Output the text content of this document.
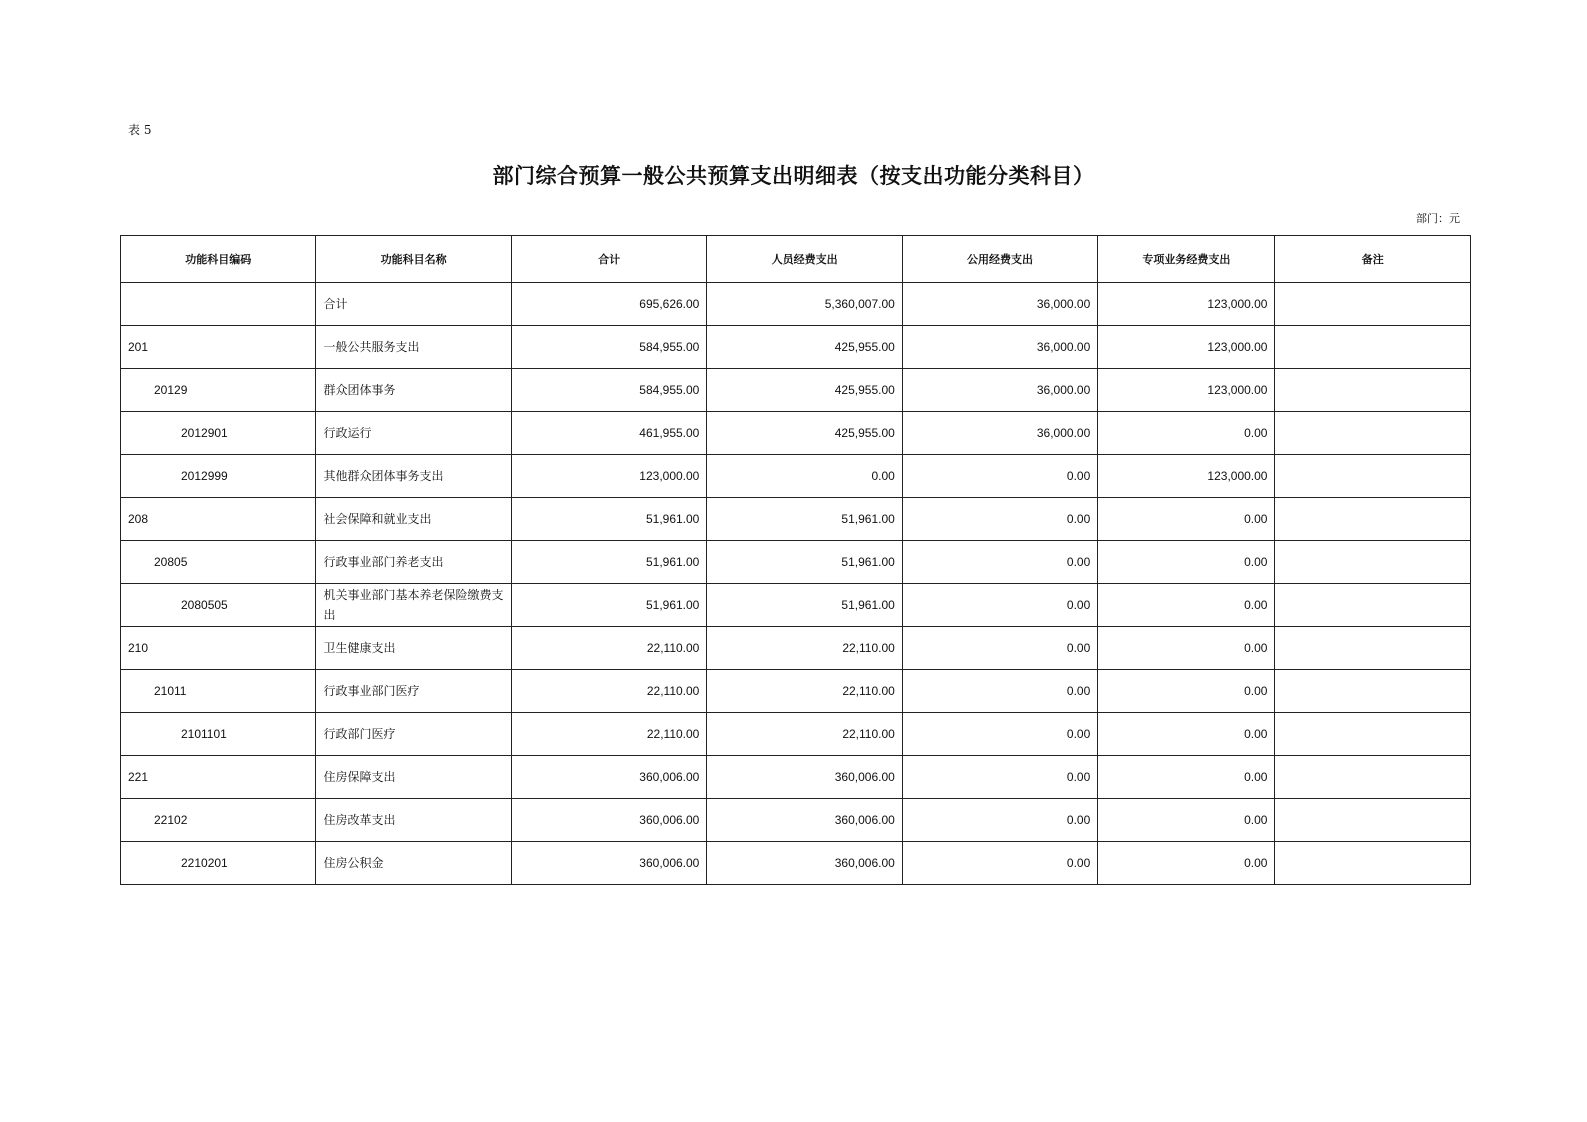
表 5
部门综合预算一般公共预算支出明细表（按支出功能分类科目）
部门：元
功能科目编码	功能科目名称	合计	人员经费支出	公用经费支出	专项业务经费支出	备注
	合计	695,626.00	5,360,007.00	36,000.00	123,000.00	
201	一般公共服务支出	584,955.00	425,955.00	36,000.00	123,000.00	
20129	群众团体事务	584,955.00	425,955.00	36,000.00	123,000.00	
2012901	行政运行	461,955.00	425,955.00	36,000.00	0.00	
2012999	其他群众团体事务支出	123,000.00	0.00	0.00	123,000.00	
208	社会保障和就业支出	51,961.00	51,961.00	0.00	0.00	
20805	行政事业部门养老支出	51,961.00	51,961.00	0.00	0.00	
2080505	机关事业部门基本养老保险缴费支出	51,961.00	51,961.00	0.00	0.00	
210	卫生健康支出	22,110.00	22,110.00	0.00	0.00	
21011	行政事业部门医疗	22,110.00	22,110.00	0.00	0.00	
2101101	行政部门医疗	22,110.00	22,110.00	0.00	0.00	
221	住房保障支出	360,006.00	360,006.00	0.00	0.00	
22102	住房改革支出	360,006.00	360,006.00	0.00	0.00	
2210201	住房公积金	360,006.00	360,006.00	0.00	0.00	
